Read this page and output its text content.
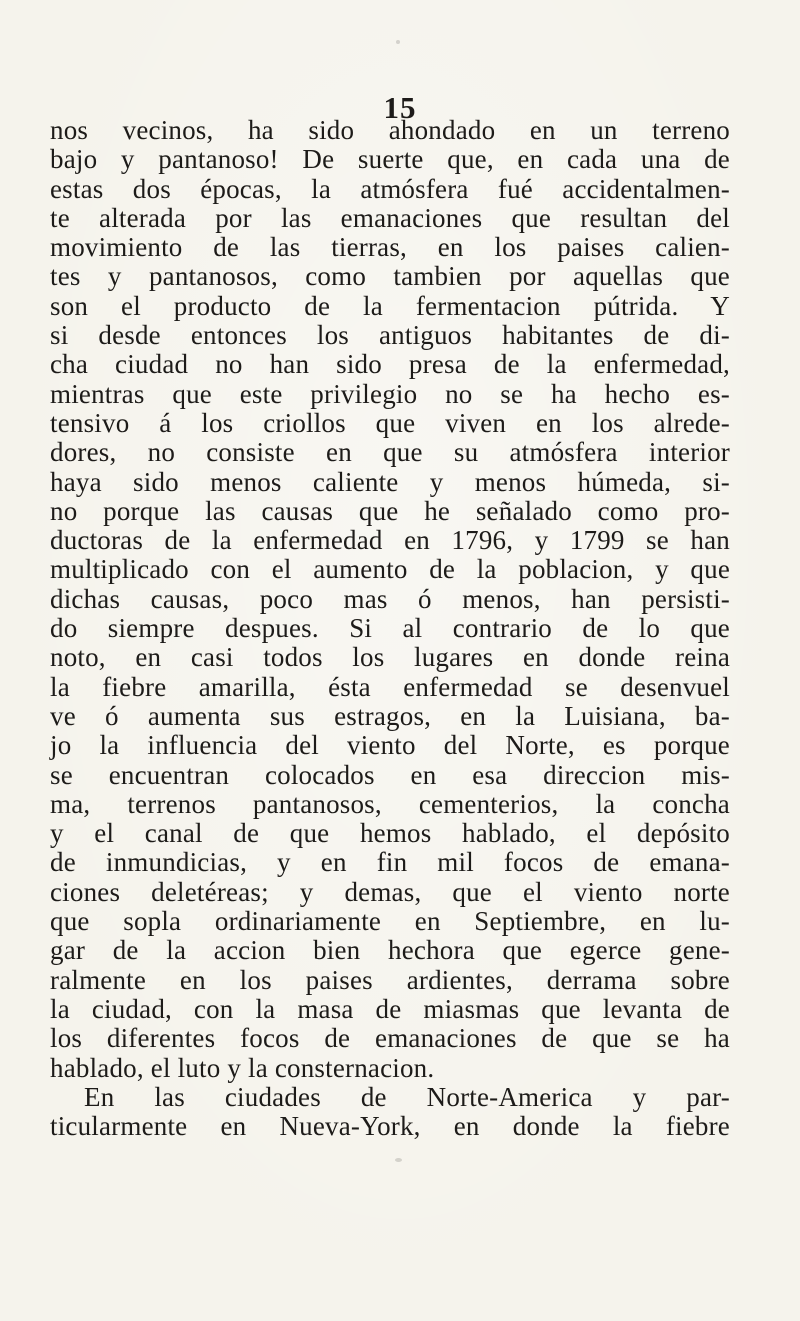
15
nos vecinos, ha sido ahondado en un terreno
bajo y pantanoso! De suerte que, en cada una de
estas dos épocas, la atmósfera fué accidentalmen-
te alterada por las emanaciones que resultan del
movimiento de las tierras, en los paises calien-
tes y pantanosos, como tambien por aquellas que
son el producto de la fermentacion pútrida. Y
si desde entonces los antiguos habitantes de di-
cha ciudad no han sido presa de la enfermedad,
mientras que este privilegio no se ha hecho es-
tensivo á los criollos que viven en los alrede-
dores, no consiste en que su atmósfera interior
haya sido menos caliente y menos húmeda, si-
no porque las causas que he señalado como pro-
ductoras de la enfermedad en 1796, y 1799 se han
multiplicado con el aumento de la poblacion, y que
dichas causas, poco mas ó menos, han persisti-
do siempre despues. Si al contrario de lo que
noto, en casi todos los lugares en donde reina
la fiebre amarilla, ésta enfermedad se desenvuel
ve ó aumenta sus estragos, en la Luisiana, ba-
jo la influencia del viento del Norte, es porque
se encuentran colocados en esa direccion mis-
ma, terrenos pantanosos, cementerios, la concha
y el canal de que hemos hablado, el depósito
de inmundicias, y en fin mil focos de emana-
ciones deletéreas; y demas, que el viento norte
que sopla ordinariamente en Septiembre, en lu-
gar de la accion bien hechora que egerce gene-
ralmente en los paises ardientes, derrama sobre
la ciudad, con la masa de miasmas que levanta de
los diferentes focos de emanaciones de que se ha
hablado, el luto y la consternacion.
En las ciudades de Norte-America y par-
ticularmente en Nueva-York, en donde la fiebre
